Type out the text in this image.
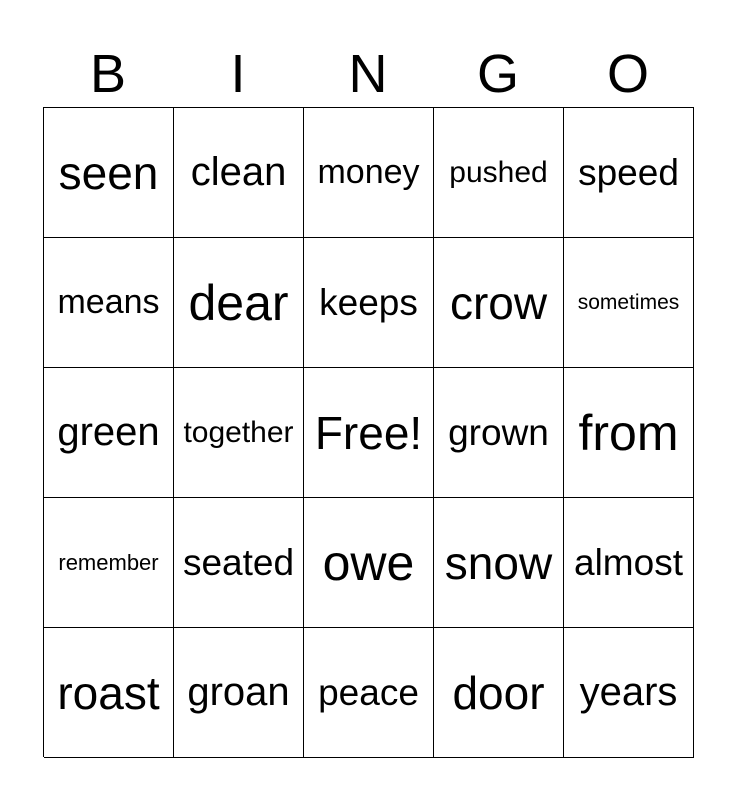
B	I	N	G	O
seen clean money pushed speed
means dear keeps crow sometimes
green together Free! grown from
remember seated owe snow almost
roast groan peace door years
